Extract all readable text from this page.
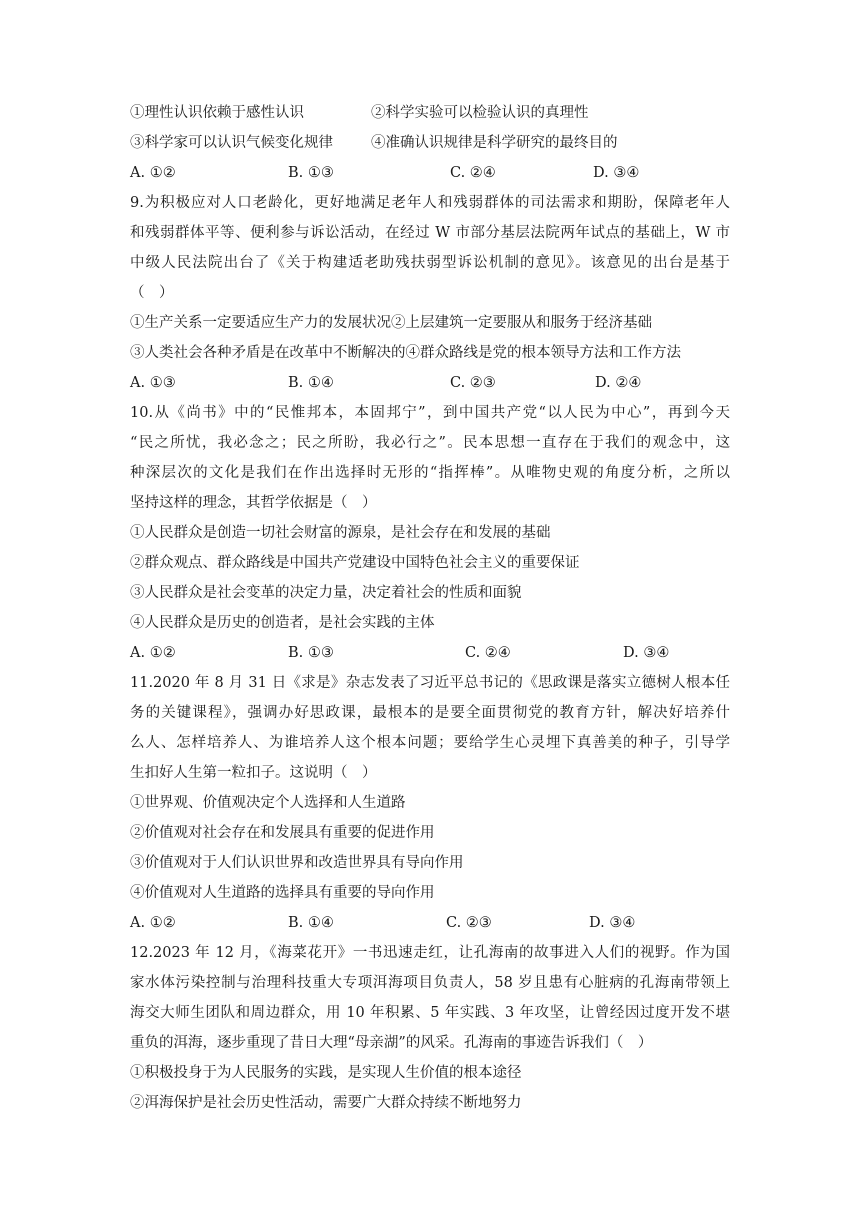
①理性认识依赖于感性认识	②科学实验可以检验认识的真理性
③科学家可以认识气候变化规律	④准确认识规律是科学研究的最终目的
A. ①②	B. ①③	C. ②④	D. ③④
9.为积极应对人口老龄化，更好地满足老年人和残弱群体的司法需求和期盼，保障老年人
和残弱群体平等、便利参与诉讼活动，在经过 W 市部分基层法院两年试点的基础上，W 市
中级人民法院出台了《关于构建适老助残扶弱型诉讼机制的意见》。该意见的出台是基于
（　）
①生产关系一定要适应生产力的发展状况②上层建筑一定要服从和服务于经济基础
③人类社会各种矛盾是在改革中不断解决的④群众路线是党的根本领导方法和工作方法
A. ①③	B. ①④	C. ②③	D. ②④
10.从《尚书》中的“民惟邦本，本固邦宁”，到中国共产党“以人民为中心”，再到今天
“民之所忧，我必念之；民之所盼，我必行之”。民本思想一直存在于我们的观念中，这
种深层次的文化是我们在作出选择时无形的“指挥棒”。从唯物史观的角度分析，之所以
坚持这样的理念，其哲学依据是（　）
①人民群众是创造一切社会财富的源泉，是社会存在和发展的基础
②群众观点、群众路线是中国共产党建设中国特色社会主义的重要保证
③人民群众是社会变革的决定力量，决定着社会的性质和面貌
④人民群众是历史的创造者，是社会实践的主体
A. ①②	B. ①③	C. ②④	D. ③④
11.2020 年 8 月 31 日《求是》杂志发表了习近平总书记的《思政课是落实立德树人根本任
务的关键课程》，强调办好思政课，最根本的是要全面贯彻党的教育方针，解决好培养什
么人、怎样培养人、为谁培养人这个根本问题；要给学生心灵埋下真善美的种子，引导学
生扣好人生第一粒扣子。这说明（　）
①世界观、价值观决定个人选择和人生道路
②价值观对社会存在和发展具有重要的促进作用
③价值观对于人们认识世界和改造世界具有导向作用
④价值观对人生道路的选择具有重要的导向作用
A. ①②	B. ①④	C. ②③	D. ③④
12.2023 年 12 月，《海菜花开》一书迅速走红，让孔海南的故事进入人们的视野。作为国
家水体污染控制与治理科技重大专项洱海项目负责人，58 岁且患有心脏病的孔海南带领上
海交大师生团队和周边群众，用 10 年积累、5 年实践、3 年攻坚，让曾经因过度开发不堪
重负的洱海，逐步重现了昔日大理“母亲湖”的风采。孔海南的事迹告诉我们（　）
①积极投身于为人民服务的实践，是实现人生价值的根本途径
②洱海保护是社会历史性活动，需要广大群众持续不断地努力
